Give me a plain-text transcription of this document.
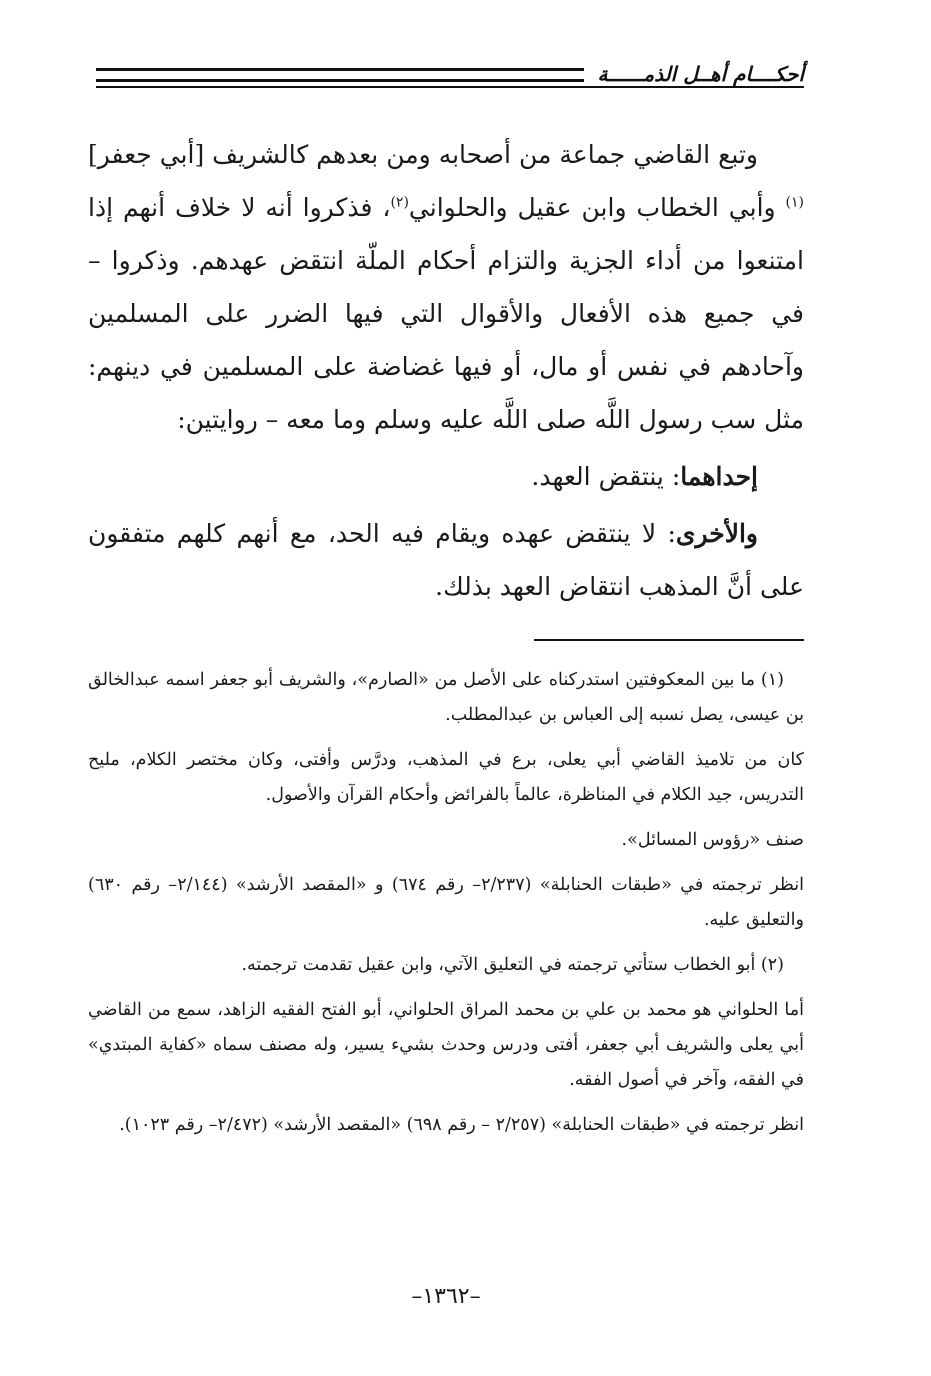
أحكــــام أهــل الذمــــــة

وتبع القاضي جماعة من أصحابه ومن بعدهم كالشريف [أبي جعفر]$^{(١)}$ وأبي الخطاب وابن عقيل والحلواني$^{(٢)}$، فذكروا أنه لا خلاف أنهم إذا امتنعوا من أداء الجزية والتزام أحكام الملّة انتقض عهدهم. وذكروا – في جميع هذه الأفعال والأقوال التي فيها الضرر على المسلمين وآحادهم في نفس أو مال، أو فيها غضاضة على المسلمين في دينهم: مثل سب رسول اللَّه صلى اللَّه عليه وسلم وما معه – روايتين:

إحداهما: ينتقض العهد.

والأخرى: لا ينتقض عهده ويقام فيه الحد، مع أنهم كلهم متفقون على أنَّ المذهب انتقاض العهد بذلك.

(١) ما بين المعكوفتين استدركناه على الأصل من «الصارم»، والشريف أبو جعفر اسمه عبدالخالق بن عيسى، يصل نسبه إلى العباس بن عبدالمطلب.

كان من تلاميذ القاضي أبي يعلى، برع في المذهب، ودرَّس وأفتى، وكان مختصر الكلام، مليح التدريس، جيد الكلام في المناظرة، عالماً بالفرائض وأحكام القرآن والأصول.

صنف «رؤوس المسائل».

انظر ترجمته في «طبقات الحنابلة» (٢/٢٣٧– رقم ٦٧٤) و «المقصد الأرشد» (٢/١٤٤– رقم ٦٣٠) والتعليق عليه.

(٢) أبو الخطاب ستأتي ترجمته في التعليق الآتي، وابن عقيل تقدمت ترجمته.

أما الحلواني هو محمد بن علي بن محمد المراق الحلواني، أبو الفتح الفقيه الزاهد، سمع من القاضي أبي يعلى والشريف أبي جعفر، أفتى ودرس وحدث بشيء يسير، وله مصنف سماه «كفاية المبتدي» في الفقه، وآخر في أصول الفقه.

انظر ترجمته في «طبقات الحنابلة» (٢/٢٥٧ – رقم ٦٩٨) «المقصد الأرشد» (٢/٤٧٢– رقم ١٠٢٣).

–١٣٦٢–
